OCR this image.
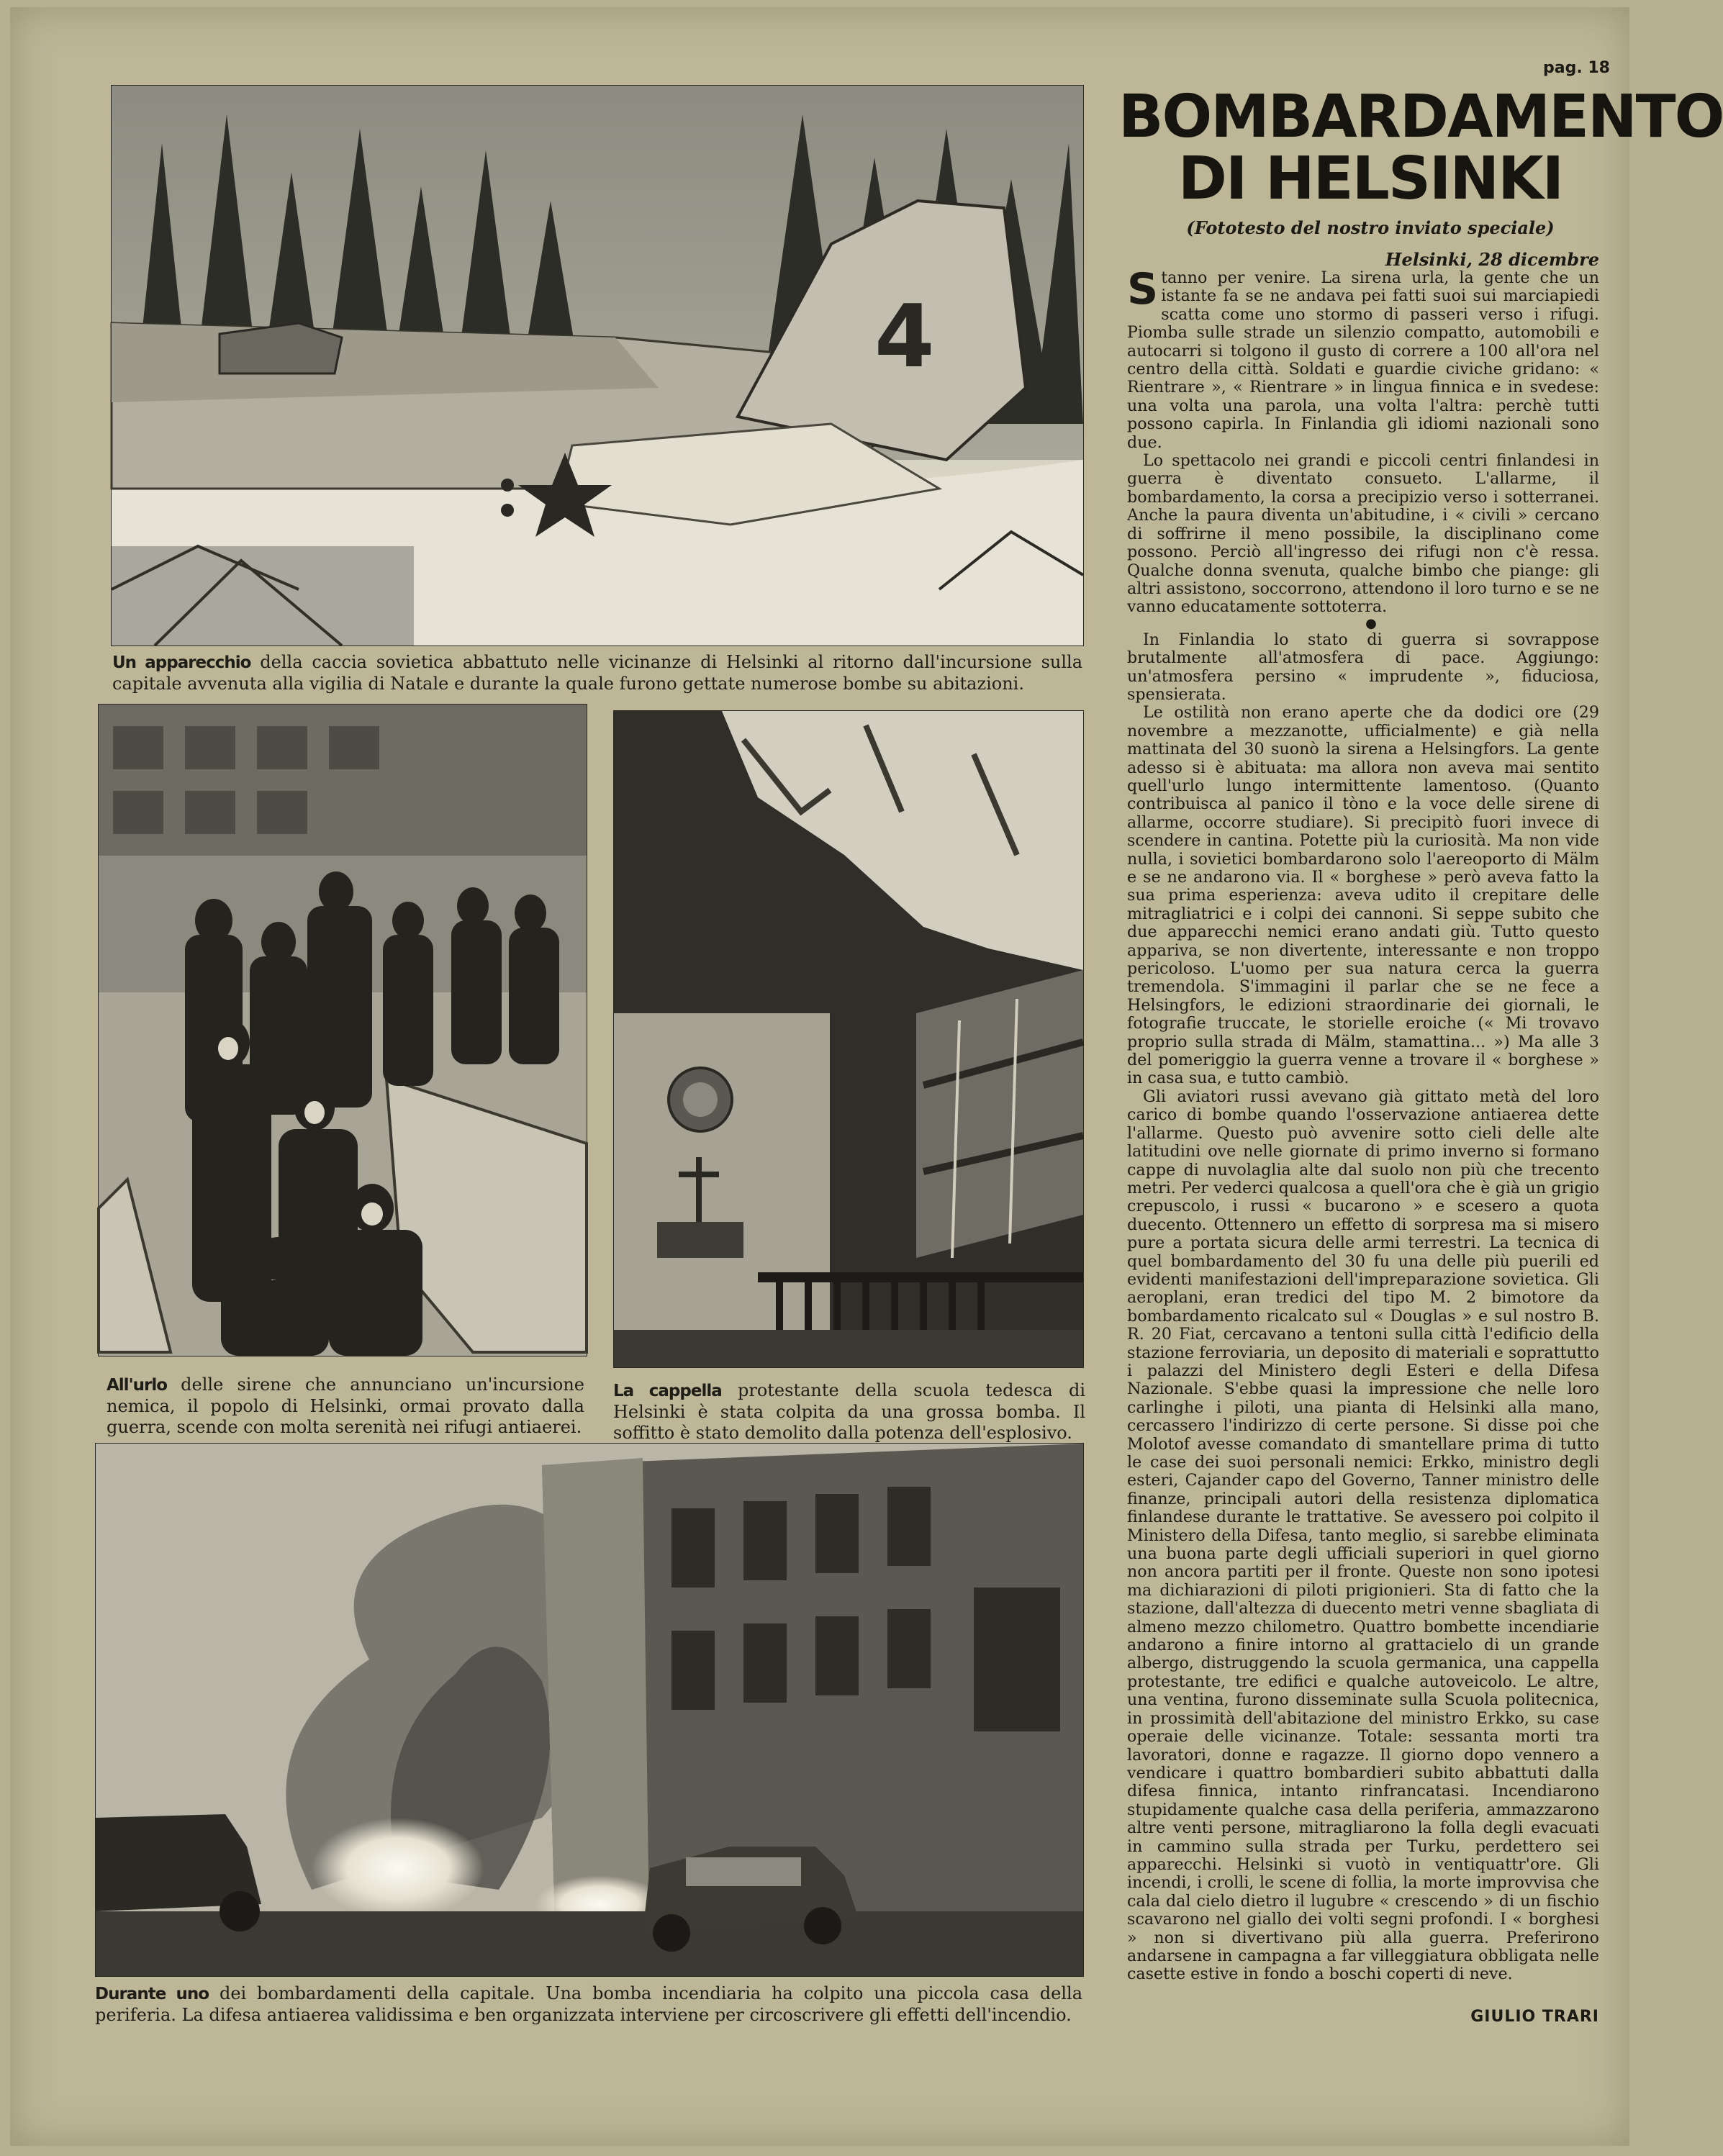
pag. 18
4
Un apparecchio della caccia sovietica abbattuto nelle vicinanze di Helsinki al ritorno dall'incursione sulla capitale avvenuta alla vigilia di Natale e durante la quale furono gettate numerose bombe su abitazioni.
All'urlo delle sirene che annunciano un'incursione nemica, il popolo di Helsinki, ormai provato dalla guerra, scende con molta serenità nei rifugi antiaerei.
La cappella protestante della scuola tedesca di Helsinki è stata colpita da una grossa bomba. Il soffitto è stato demolito dalla potenza dell'esplosivo.
Durante uno dei bombardamenti della capitale. Una bomba incendiaria ha colpito una piccola casa della periferia. La difesa antiaerea validissima e ben organizzata interviene per circoscrivere gli effetti dell'incendio.
BOMBARDAMENTO
DI HELSINKI
(Fototesto del nostro inviato speciale)
Helsinki, 28 dicembre

Stanno per venire. La sirena urla, la gente che un istante fa se ne andava pei fatti suoi sui marciapiedi scatta come uno stormo di passeri verso i rifugi. Piomba sulle strade un silenzio compatto, automobili e autocarri si tolgono il gusto di correre a 100 all'ora nel centro della città. Soldati e guardie civiche gridano: « Rientrare », « Rientrare » in lingua finnica e in svedese: una volta una parola, una volta l'altra: perchè tutti possono capirla. In Finlandia gli idiomi nazionali sono due.

Lo spettacolo nei grandi e piccoli centri finlandesi in guerra è diventato consueto. L'allarme, il bombardamento, la corsa a precipizio verso i sotterranei. Anche la paura diventa un'abitudine, i « civili » cercano di soffrirne il meno possibile, la disciplinano come possono. Perciò all'ingresso dei rifugi non c'è ressa. Qualche donna svenuta, qualche bimbo che piange: gli altri assistono, soccorrono, attendono il loro turno e se ne vanno educatamente sottoterra.

●

In Finlandia lo stato di guerra si sovrappose brutalmente all'atmosfera di pace. Aggiungo: un'atmosfera persino « imprudente », fiduciosa, spensierata.

Le ostilità non erano aperte che da dodici ore (29 novembre a mezzanotte, ufficialmente) e già nella mattinata del 30 suonò la sirena a Helsingfors. La gente adesso si è abituata: ma allora non aveva mai sentito quell'urlo lungo intermittente lamentoso. (Quanto contribuisca al panico il tòno e la voce delle sirene di allarme, occorre studiare). Si precipitò fuori invece di scendere in cantina. Potette più la curiosità. Ma non vide nulla, i sovietici bombardarono solo l'aereoporto di Mälm e se ne andarono via. Il « borghese » però aveva fatto la sua prima esperienza: aveva udito il crepitare delle mitragliatrici e i colpi dei cannoni. Si seppe subito che due apparecchi nemici erano andati giù. Tutto questo appariva, se non divertente, interessante e non troppo pericoloso. L'uomo per sua natura cerca la guerra tremendola. S'immagini il parlar che se ne fece a Helsingfors, le edizioni straordinarie dei giornali, le fotografie truccate, le storielle eroiche (« Mi trovavo proprio sulla strada di Mälm, stamattina... ») Ma alle 3 del pomeriggio la guerra venne a trovare il « borghese » in casa sua, e tutto cambiò.

Gli aviatori russi avevano già gittato metà del loro carico di bombe quando l'osservazione antiaerea dette l'allarme. Questo può avvenire sotto cieli delle alte latitudini ove nelle giornate di primo inverno si formano cappe di nuvolaglia alte dal suolo non più che trecento metri. Per vederci qualcosa a quell'ora che è già un grigio crepuscolo, i russi « bucarono » e scesero a quota duecento. Ottennero un effetto di sorpresa ma si misero pure a portata sicura delle armi terrestri. La tecnica di quel bombardamento del 30 fu una delle più puerili ed evidenti manifestazioni dell'impreparazione sovietica. Gli aeroplani, eran tredici del tipo M. 2 bimotore da bombardamento ricalcato sul « Douglas » e sul nostro B. R. 20 Fiat, cercavano a tentoni sulla città l'edificio della stazione ferroviaria, un deposito di materiali e soprattutto i palazzi del Ministero degli Esteri e della Difesa Nazionale. S'ebbe quasi la impressione che nelle loro carlinghe i piloti, una pianta di Helsinki alla mano, cercassero l'indirizzo di certe persone. Si disse poi che Molotof avesse comandato di smantellare prima di tutto le case dei suoi personali nemici: Erkko, ministro degli esteri, Cajander capo del Governo, Tanner ministro delle finanze, principali autori della resistenza diplomatica finlandese durante le trattative. Se avessero poi colpito il Ministero della Difesa, tanto meglio, si sarebbe eliminata una buona parte degli ufficiali superiori in quel giorno non ancora partiti per il fronte. Queste non sono ipotesi ma dichiarazioni di piloti prigionieri. Sta di fatto che la stazione, dall'altezza di duecento metri venne sbagliata di almeno mezzo chilometro. Quattro bombette incendiarie andarono a finire intorno al grattacielo di un grande albergo, distruggendo la scuola germanica, una cappella protestante, tre edifici e qualche autoveicolo. Le altre, una ventina, furono disseminate sulla Scuola politecnica, in prossimità dell'abitazione del ministro Erkko, su case operaie delle vicinanze. Totale: sessanta morti tra lavoratori, donne e ragazze. Il giorno dopo vennero a vendicare i quattro bombardieri subito abbattuti dalla difesa finnica, intanto rinfrancatasi. Incendiarono stupidamente qualche casa della periferia, ammazzarono altre venti persone, mitragliarono la folla degli evacuati in cammino sulla strada per Turku, perdettero sei apparecchi. Helsinki si vuotò in ventiquattr'ore. Gli incendi, i crolli, le scene di follia, la morte improvvisa che cala dal cielo dietro il lugubre « crescendo » di un fischio scavarono nel giallo dei volti segni profondi. I « borghesi » non si divertivano più alla guerra. Preferirono andarsene in campagna a far villeggiatura obbligata nelle casette estive in fondo a boschi coperti di neve.

GIULIO TRARI
